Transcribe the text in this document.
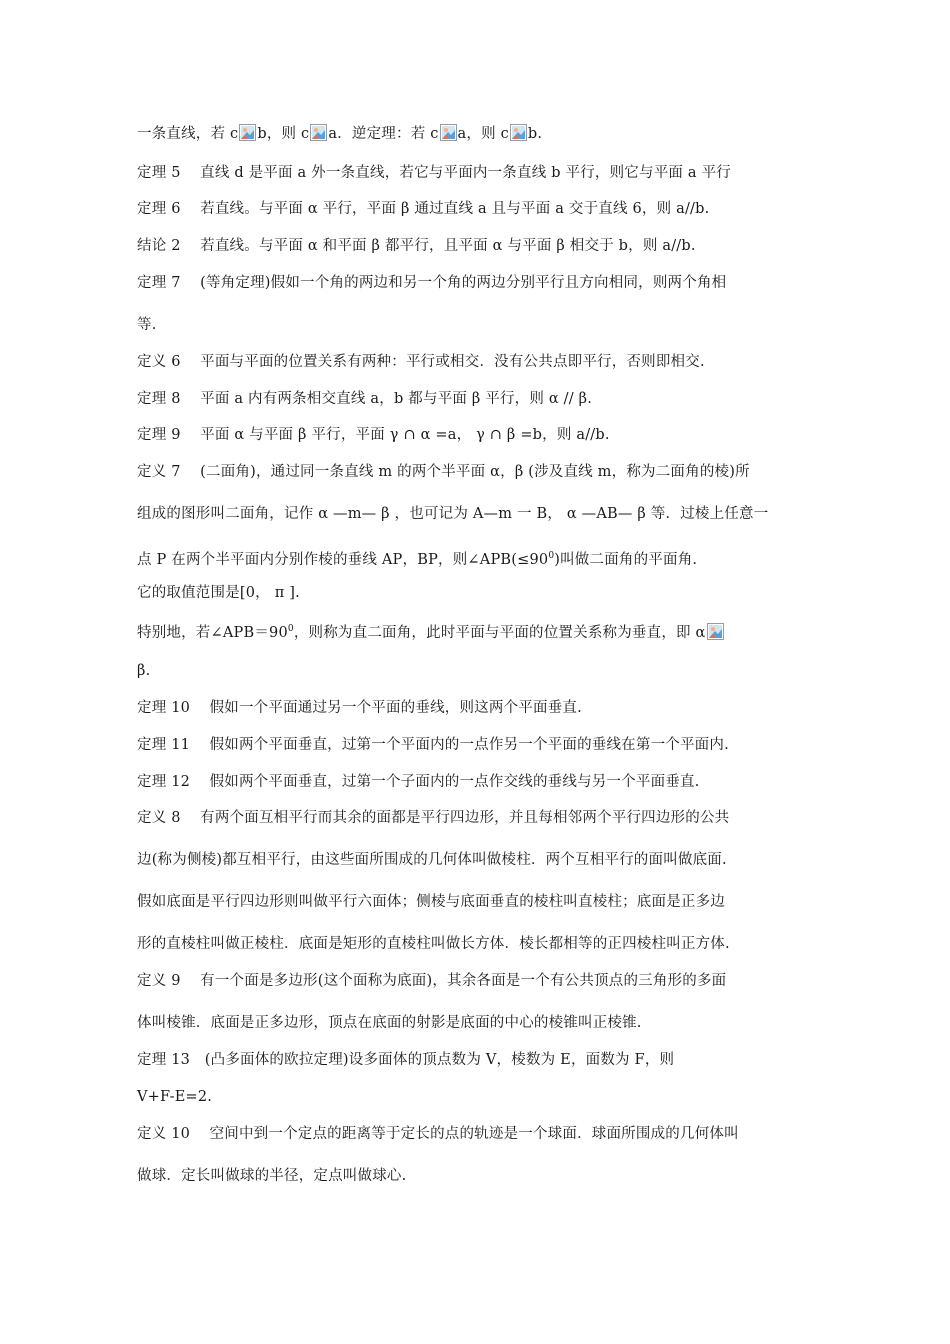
一条直线，若 c b，则 c a．逆定理：若 c a，则 c b.
定理 5　 直线 d 是平面 a 外一条直线，若它与平面内一条直线 b 平行，则它与平面 a 平行
定理 6　 若直线。与平面 α 平行，平面 β 通过直线 a 且与平面 a 交于直线 6，则 a//b.
结论 2　 若直线。与平面 α 和平面 β 都平行，且平面 α 与平面 β 相交于 b，则 a//b.
定理 7　 (等角定理)假如一个角的两边和另一个角的两边分别平行且方向相同，则两个角相
等.
定义 6　 平面与平面的位置关系有两种：平行或相交．没有公共点即平行，否则即相交.
定理 8　 平面 a 内有两条相交直线 a，b 都与平面 β 平行，则 α // β.
定理 9　 平面 α 与平面 β 平行，平面 γ ∩ α =a， γ ∩ β =b，则 a//b.
定义 7　 (二面角)，通过同一条直线 m 的两个半平面 α，β (涉及直线 m，称为二面角的棱)所
组成的图形叫二面角，记作 α —m— β ，也可记为 A—m 一 B， α —AB— β 等．过棱上任意一
点 P 在两个半平面内分别作棱的垂线 AP，BP，则$\angle APB(\le 90^0)$叫做二面角的平面角.
它的取值范围是[0， π ].
特别地，若$\angle APB=90^0$，则称为直二面角，此时平面与平面的位置关系称为垂直，即 α
β.
定理 10　 假如一个平面通过另一个平面的垂线，则这两个平面垂直.
定理 11　 假如两个平面垂直，过第一个平面内的一点作另一个平面的垂线在第一个平面内.
定理 12　 假如两个平面垂直，过第一个子面内的一点作交线的垂线与另一个平面垂直.
定义 8　 有两个面互相平行而其余的面都是平行四边形，并且每相邻两个平行四边形的公共
边(称为侧棱)都互相平行，由这些面所围成的几何体叫做棱柱．两个互相平行的面叫做底面.
假如底面是平行四边形则叫做平行六面体；侧棱与底面垂直的棱柱叫直棱柱；底面是正多边
形的直棱柱叫做正棱柱．底面是矩形的直棱柱叫做长方体．棱长都相等的正四棱柱叫正方体.
定义 9　 有一个面是多边形(这个面称为底面)，其余各面是一个有公共顶点的三角形的多面
体叫棱锥．底面是正多边形，顶点在底面的射影是底面的中心的棱锥叫正棱锥.
定理 13　(凸多面体的欧拉定理)设多面体的顶点数为 V，棱数为 E，面数为 F，则
V+F-E=2.
定义 10　 空间中到一个定点的距离等于定长的点的轨迹是一个球面．球面所围成的几何体叫
做球．定长叫做球的半径，定点叫做球心.
